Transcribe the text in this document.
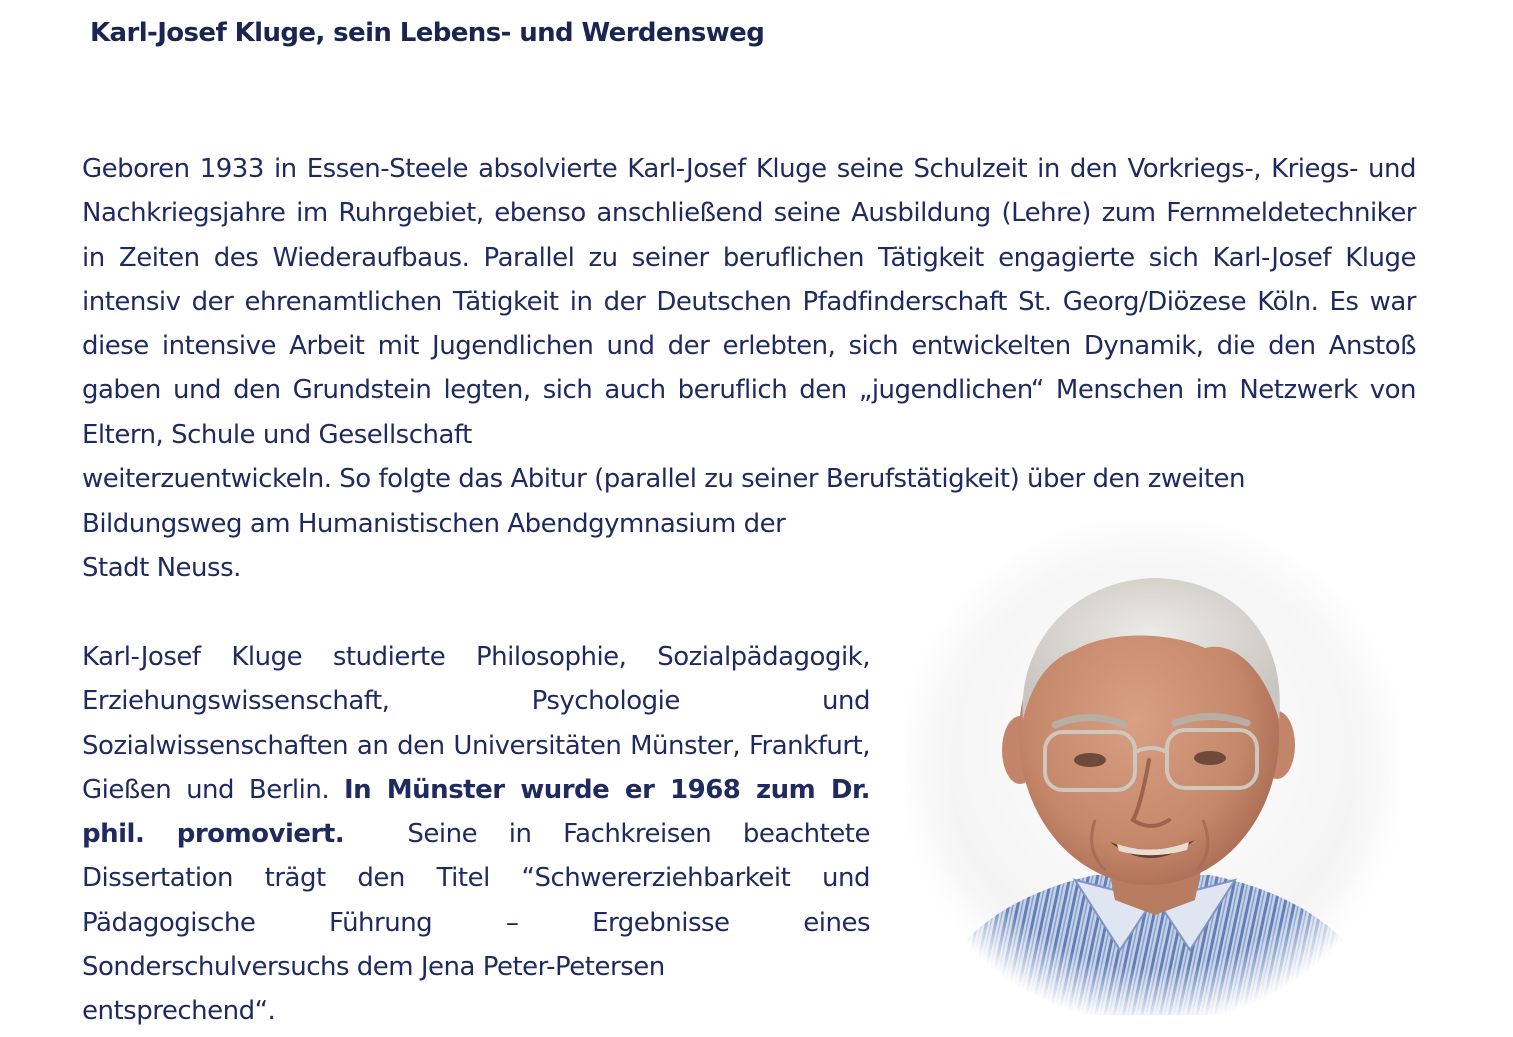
Karl-Josef Kluge, sein Lebens- und Werdensweg

Geboren 1933 in Essen-Steele absolvierte Karl-Josef Kluge seine Schulzeit in den Vorkriegs-, Kriegs- und Nachkriegsjahre im Ruhrgebiet, ebenso anschließend seine Ausbildung (Lehre) zum Fernmeldetechniker in Zeiten des Wiederaufbaus. Parallel zu seiner beruflichen Tätigkeit engagierte sich Karl-Josef Kluge intensiv der ehrenamtlichen Tätigkeit in der Deutschen Pfadfinderschaft St. Georg/Diözese Köln. Es war diese intensive Arbeit mit Jugendlichen und der erlebten, sich entwickelten Dynamik, die den Anstoß gaben und den Grundstein legten, sich auch beruflich den „jugendlichen“ Menschen im Netzwerk von Eltern, Schule und Gesellschaft
weiterzuentwickeln. So folgte das Abitur (parallel zu seiner Berufstätigkeit) über den zweiten

Bildungsweg am Humanistischen Abendgymnasium der
Stadt Neuss.

Karl-Josef Kluge studierte Philosophie, Sozialpädagogik, Erziehungswissenschaft, Psychologie und Sozialwissenschaften an den Universitäten Münster, Frankfurt, Gießen und Berlin. In Münster wurde er 1968 zum Dr. phil. promoviert. Seine in Fachkreisen beachtete Dissertation trägt den Titel “Schwererziehbarkeit und Pädagogische Führung – Ergebnisse eines Sonderschulversuchs dem Jena Peter-Petersen
entsprechend“.
